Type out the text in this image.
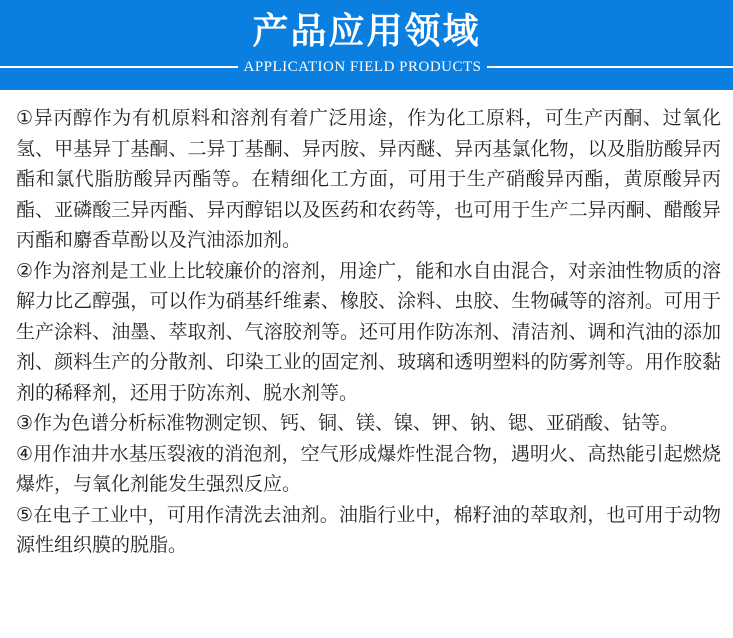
产品应用领域
APPLICATION FIELD PRODUCTS

①异丙醇作为有机原料和溶剂有着广泛用途，作为化工原料，可生产丙酮、过氧化氢、甲基异丁基酮、二异丁基酮、异丙胺、异丙醚、异丙基氯化物，以及脂肪酸异丙酯和氯代脂肪酸异丙酯等。在精细化工方面，可用于生产硝酸异丙酯，黄原酸异丙酯、亚磷酸三异丙酯、异丙醇铝以及医药和农药等，也可用于生产二异丙酮、醋酸异丙酯和麝香草酚以及汽油添加剂。

②作为溶剂是工业上比较廉价的溶剂，用途广，能和水自由混合，对亲油性物质的溶解力比乙醇强，可以作为硝基纤维素、橡胶、涂料、虫胶、生物碱等的溶剂。可用于生产涂料、油墨、萃取剂、气溶胶剂等。还可用作防冻剂、清洁剂、调和汽油的添加剂、颜料生产的分散剂、印染工业的固定剂、玻璃和透明塑料的防雾剂等。用作胶黏剂的稀释剂，还用于防冻剂、脱水剂等。

③作为色谱分析标准物测定钡、钙、铜、镁、镍、钾、钠、锶、亚硝酸、钴等。

④用作油井水基压裂液的消泡剂，空气形成爆炸性混合物，遇明火、高热能引起燃烧爆炸，与氧化剂能发生强烈反应。

⑤在电子工业中，可用作清洗去油剂。油脂行业中，棉籽油的萃取剂，也可用于动物源性组织膜的脱脂。
